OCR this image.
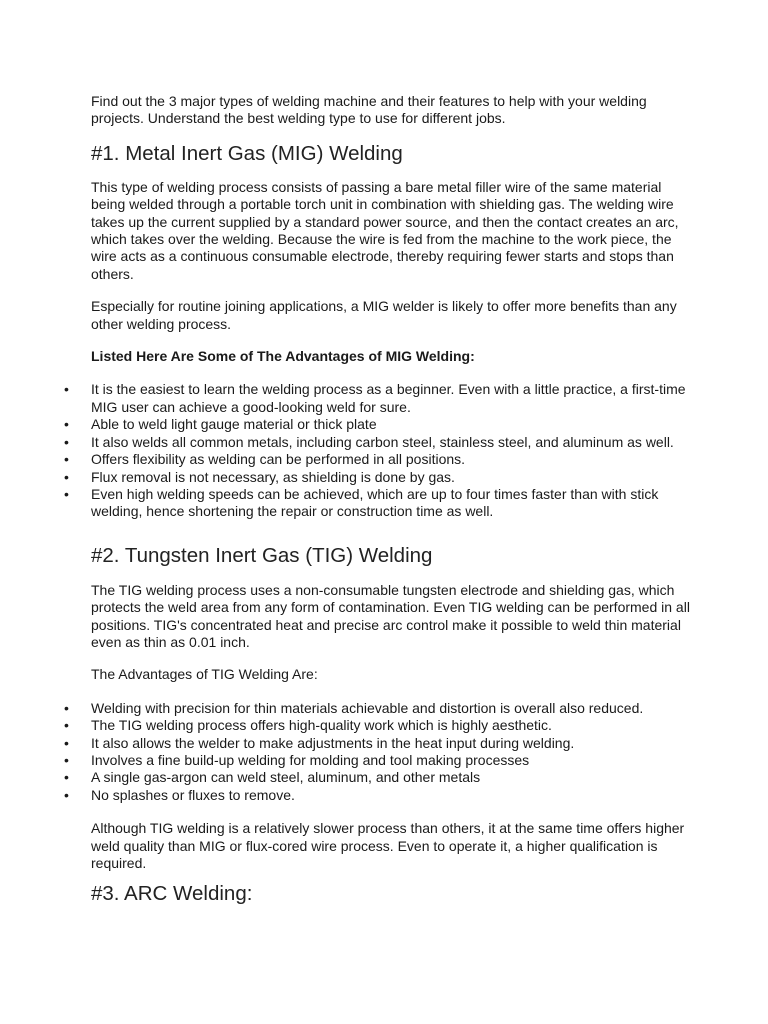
Find out the 3 major types of welding machine and their features to help with your welding projects. Understand the best welding type to use for different jobs.

#1. Metal Inert Gas (MIG) Welding

This type of welding process consists of passing a bare metal filler wire of the same material being welded through a portable torch unit in combination with shielding gas. The welding wire takes up the current supplied by a standard power source, and then the contact creates an arc, which takes over the welding. Because the wire is fed from the machine to the work piece, the wire acts as a continuous consumable electrode, thereby requiring fewer starts and stops than others.

Especially for routine joining applications, a MIG welder is likely to offer more benefits than any other welding process.

Listed Here Are Some of The Advantages of MIG Welding:

• It is the easiest to learn the welding process as a beginner. Even with a little practice, a first-time MIG user can achieve a good-looking weld for sure.
• Able to weld light gauge material or thick plate
• It also welds all common metals, including carbon steel, stainless steel, and aluminum as well.
• Offers flexibility as welding can be performed in all positions.
• Flux removal is not necessary, as shielding is done by gas.
• Even high welding speeds can be achieved, which are up to four times faster than with stick welding, hence shortening the repair or construction time as well.
#2. Tungsten Inert Gas (TIG) Welding

The TIG welding process uses a non-consumable tungsten electrode and shielding gas, which protects the weld area from any form of contamination. Even TIG welding can be performed in all positions. TIG's concentrated heat and precise arc control make it possible to weld thin material even as thin as 0.01 inch.

The Advantages of TIG Welding Are:

• Welding with precision for thin materials achievable and distortion is overall also reduced.
• The TIG welding process offers high-quality work which is highly aesthetic.
• It also allows the welder to make adjustments in the heat input during welding.
• Involves a fine build-up welding for molding and tool making processes
• A single gas-argon can weld steel, aluminum, and other metals
• No splashes or fluxes to remove.

Although TIG welding is a relatively slower process than others, it at the same time offers higher weld quality than MIG or flux-cored wire process. Even to operate it, a higher qualification is required.

#3. ARC Welding:
